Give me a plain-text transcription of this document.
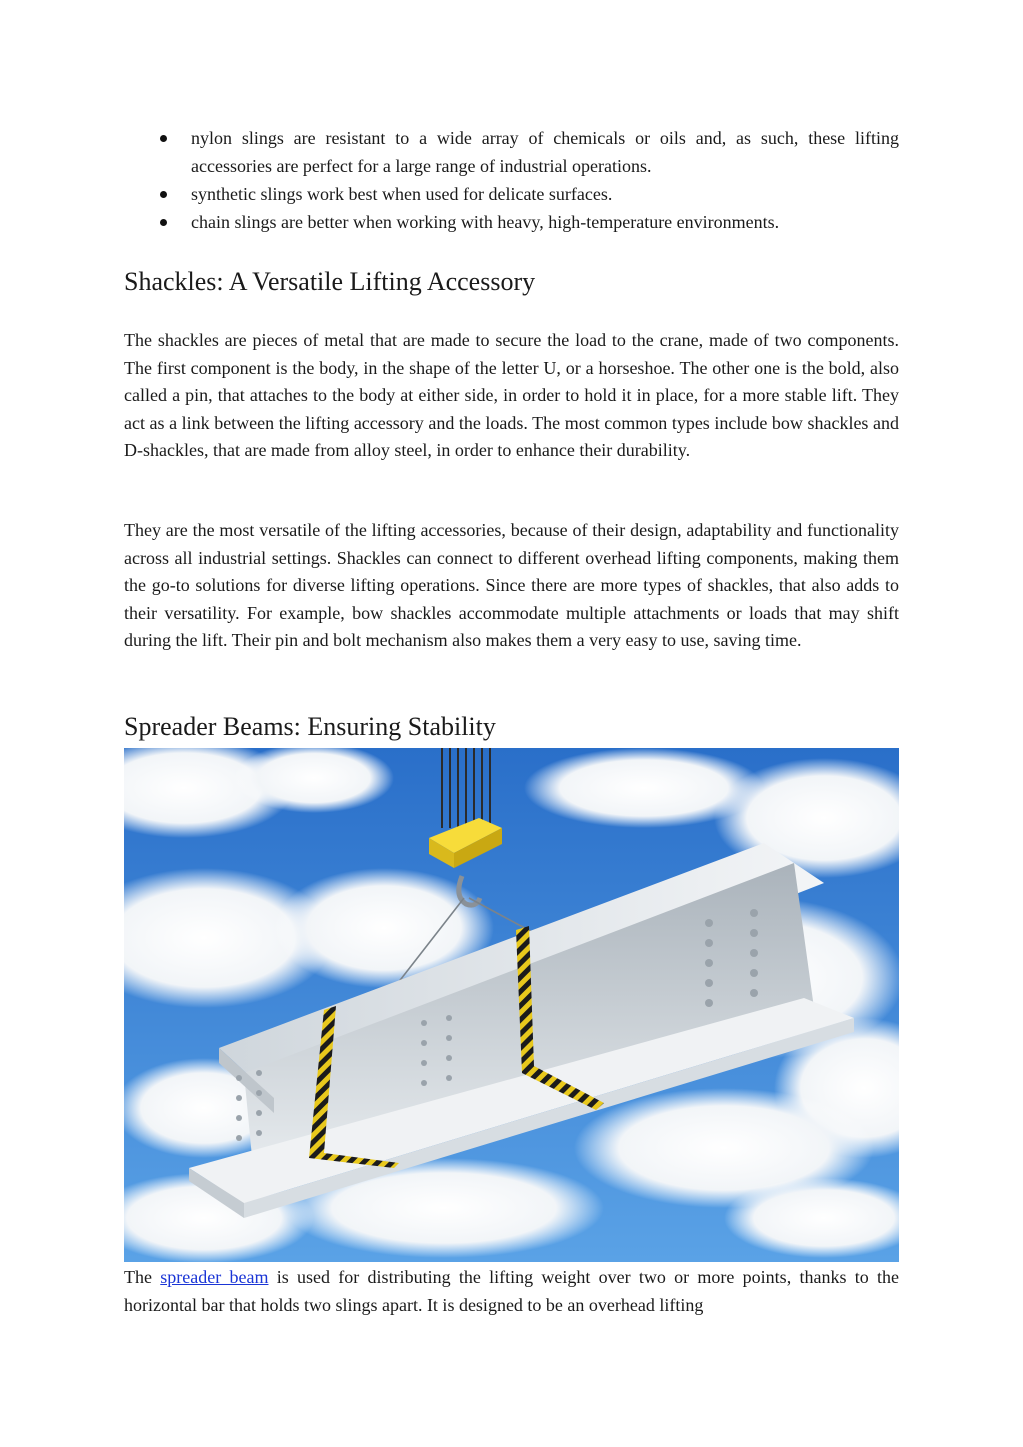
nylon slings are resistant to a wide array of chemicals or oils and, as such, these lifting accessories are perfect for a large range of industrial operations.
synthetic slings work best when used for delicate surfaces.
chain slings are better when working with heavy, high-temperature environments.
Shackles: A Versatile Lifting Accessory

The shackles are pieces of metal that are made to secure the load to the crane, made of two components. The first component is the body, in the shape of the letter U, or a horseshoe. The other one is the bold, also called a pin, that attaches to the body at either side, in order to hold it in place, for a more stable lift. They act as a link between the lifting accessory and the loads. The most common types include bow shackles and D-shackles, that are made from alloy steel, in order to enhance their durability.

They are the most versatile of the lifting accessories, because of their design, adaptability and functionality across all industrial settings. Shackles can connect to different overhead lifting components, making them the go-to solutions for diverse lifting operations. Since there are more types of shackles, that also adds to their versatility. For example, bow shackles accommodate multiple attachments or loads that may shift during the lift. Their pin and bolt mechanism also makes them a very easy to use, saving time.

Spreader Beams: Ensuring Stability

The spreader beam is used for distributing the lifting weight over two or more points, thanks to the horizontal bar that holds two slings apart. It is designed to be an overhead lifting
